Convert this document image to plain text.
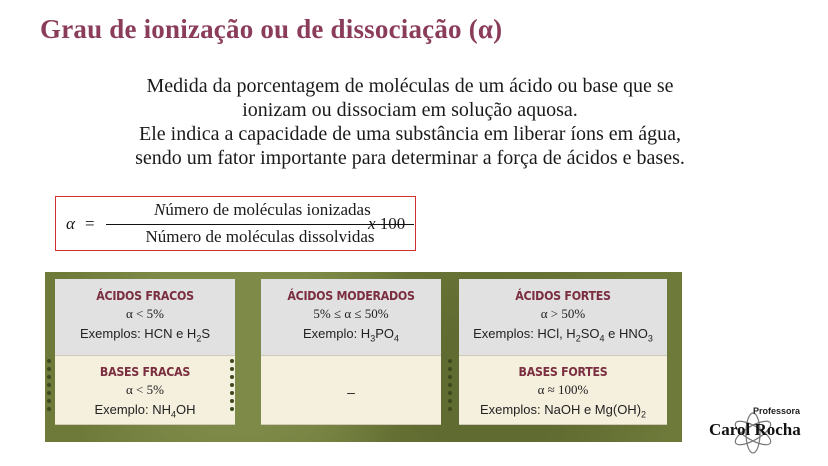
Grau de ionização ou de dissociação (α)

Medida da porcentagem de moléculas de um ácido ou base que se

ionizam ou dissociam em solução aquosa.

Ele indica a capacidade de uma substância em liberar íons em água,

sendo um fator importante para determinar a força de ácidos e bases.

α =
Número de moléculas ionizadas
Número de moléculas dissolvidas
x 100
ÁCIDOS FRACOS
α < 5%
Exemplos: HCN e $H_2S$
BASES FRACAS
α < 5%
Exemplo: $NH_4OH$
ÁCIDOS MODERADOS
5% ≤ α ≤ 50%
Exemplo: $H_3PO_4$
–
ÁCIDOS FORTES
α > 50%
Exemplos: HCl, $H_2SO_4$ e $HNO_3$
BASES FORTES
α ≈ 100%
Exemplos: NaOH e $Mg(OH)_2$	Professora
Carol Rocha
